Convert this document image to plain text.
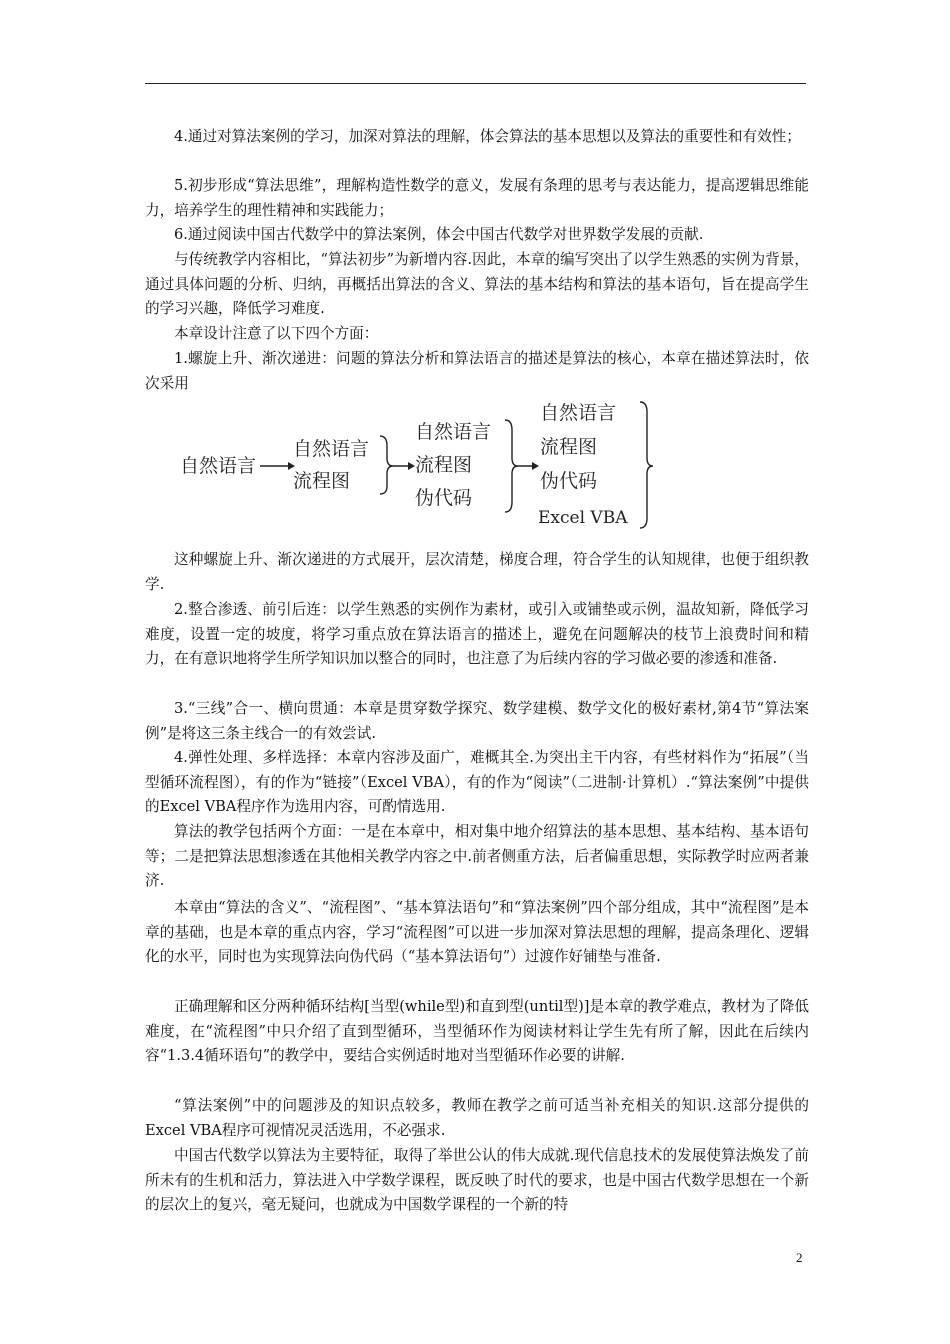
4.通过对算法案例的学习，加深对算法的理解，体会算法的基本思想以及算法的重要性和有效性；

5.初步形成“算法思维”，理解构造性数学的意义，发展有条理的思考与表达能力，提高逻辑思维能力，培养学生的理性精神和实践能力；

6.通过阅读中国古代数学中的算法案例，体会中国古代数学对世界数学发展的贡献.

与传统教学内容相比，“算法初步”为新增内容.因此，本章的编写突出了以学生熟悉的实例为背景，通过具体问题的分析、归纳，再概括出算法的含义、算法的基本结构和算法的基本语句，旨在提高学生的学习兴趣，降低学习难度.

本章设计注意了以下四个方面：

1.螺旋上升、渐次递进：问题的算法分析和算法语言的描述是算法的核心，本章在描述算法时，依次采用

自然语言
自然语言
流程图
自然语言
流程图
伪代码
自然语言
流程图
伪代码
Excel VBA

这种螺旋上升、渐次递进的方式展开，层次清楚，梯度合理，符合学生的认知规律，也便于组织教学.

2.整合渗透、前引后连：以学生熟悉的实例作为素材，或引入或铺垫或示例，温故知新，降低学习难度，设置一定的坡度，将学习重点放在算法语言的描述上，避免在问题解决的枝节上浪费时间和精力，在有意识地将学生所学知识加以整合的同时，也注意了为后续内容的学习做必要的渗透和准备.

3.“三线”合一、横向贯通：本章是贯穿数学探究、数学建模、数学文化的极好素材,第4节“算法案例”是将这三条主线合一的有效尝试.

4.弹性处理、多样选择：本章内容涉及面广，难概其全.为突出主干内容，有些材料作为“拓展”（当型循环流程图），有的作为“链接”（Excel VBA），有的作为“阅读”（二进制·计算机）.“算法案例”中提供的Excel VBA程序作为选用内容，可酌情选用.

算法的教学包括两个方面：一是在本章中，相对集中地介绍算法的基本思想、基本结构、基本语句等；二是把算法思想渗透在其他相关教学内容之中.前者侧重方法，后者偏重思想，实际教学时应两者兼济.

本章由“算法的含义”、“流程图”、“基本算法语句”和“算法案例”四个部分组成，其中“流程图”是本章的基础，也是本章的重点内容，学习“流程图”可以进一步加深对算法思想的理解，提高条理化、逻辑化的水平，同时也为实现算法向伪代码（“基本算法语句”）过渡作好铺垫与准备.

正确理解和区分两种循环结构[当型(while型)和直到型(until型)]是本章的教学难点，教材为了降低难度，在“流程图”中只介绍了直到型循环，当型循环作为阅读材料让学生先有所了解，因此在后续内容“1.3.4循环语句”的教学中，要结合实例适时地对当型循环作必要的讲解.

“算法案例”中的问题涉及的知识点较多，教师在教学之前可适当补充相关的知识.这部分提供的Excel VBA程序可视情况灵活选用，不必强求.

中国古代数学以算法为主要特征，取得了举世公认的伟大成就.现代信息技术的发展使算法焕发了前所未有的生机和活力，算法进入中学数学课程，既反映了时代的要求，也是中国古代数学思想在一个新的层次上的复兴，毫无疑问，也就成为中国数学课程的一个新的特

2
